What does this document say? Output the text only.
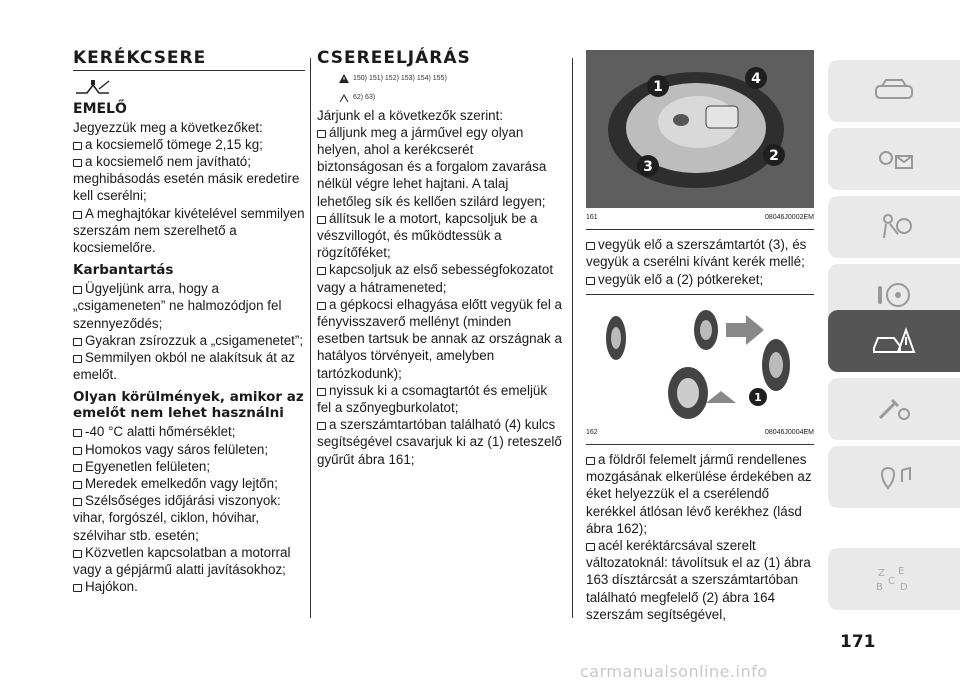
KERÉKCSERE
EMELŐ

Jegyezzük meg a következőket:

a kocsiemelő tömege 2,15 kg;

a kocsiemelő nem javítható; meghibásodás esetén másik eredetire kell cserélni;

A meghajtókar kivételével semmilyen szerszám nem szerelhető a kocsiemelőre.

Karbantartás

Ügyeljünk arra, hogy a „csigameneten” ne halmozódjon fel szennyeződés;

Gyakran zsírozzuk a „csigamenetet”;

Semmilyen okból ne alakítsuk át az emelőt.

Olyan körülmények, amikor az emelőt nem lehet használni

-40 °C alatti hőmérséklet;

Homokos vagy sáros felületen;

Egyenetlen felületen;

Meredek emelkedőn vagy lejtőn;

Szélsőséges időjárási viszonyok: vihar, forgószél, ciklon, hóvihar, szélvihar stb. esetén;

Közvetlen kapcsolatban a motorral vagy a gépjármű alatti javításokhoz;

Hajókon.

CSEREELJÁRÁS
150) 151) 152) 153) 154) 155)
62) 63)

Járjunk el a következők szerint:

álljunk meg a járművel egy olyan helyen, ahol a kerékcserét biztonságosan és a forgalom zavarása nélkül végre lehet hajtani. A talaj lehetőleg sík és kellően szilárd legyen;

állítsuk le a motort, kapcsoljuk be a vészvillogót, és működtessük a rögzítőféket;

kapcsoljuk az első sebességfokozatot vagy a hátrameneted;

a gépkocsi elhagyása előtt vegyük fel a fényvisszaverő mellényt (minden esetben tartsuk be annak az országnak a hatályos törvényeit, amelyben tartózkodunk);

nyissuk ki a csomagtartót és emeljük fel a szőnyegburkolatot;

a szerszámtartóban található (4) kulcs segítségével csavarjuk ki az (1) reteszelő gyűrűt ábra 161;

1
2
3
4
161	08046J0002EM

vegyük elő a szerszámtartót (3), és vegyük a cserélni kívánt kerék mellé;

vegyük elő a (2) pótkereket;

1
162	08046J0004EM

a földről felemelt jármű rendellenes mozgásának elkerülése érdekében az éket helyezzük el a cserélendő kerékkel átlósan lévő kerékhez (lásd ábra 162);

acél keréktárcsával szerelt változatoknál: távolítsuk el az (1) ábra 163 dísztárcsát a szerszámtartóban található megfelelő (2) ábra 164 szerszám segítségével,

Z E
B D
C
171
carmanualsonline.info
